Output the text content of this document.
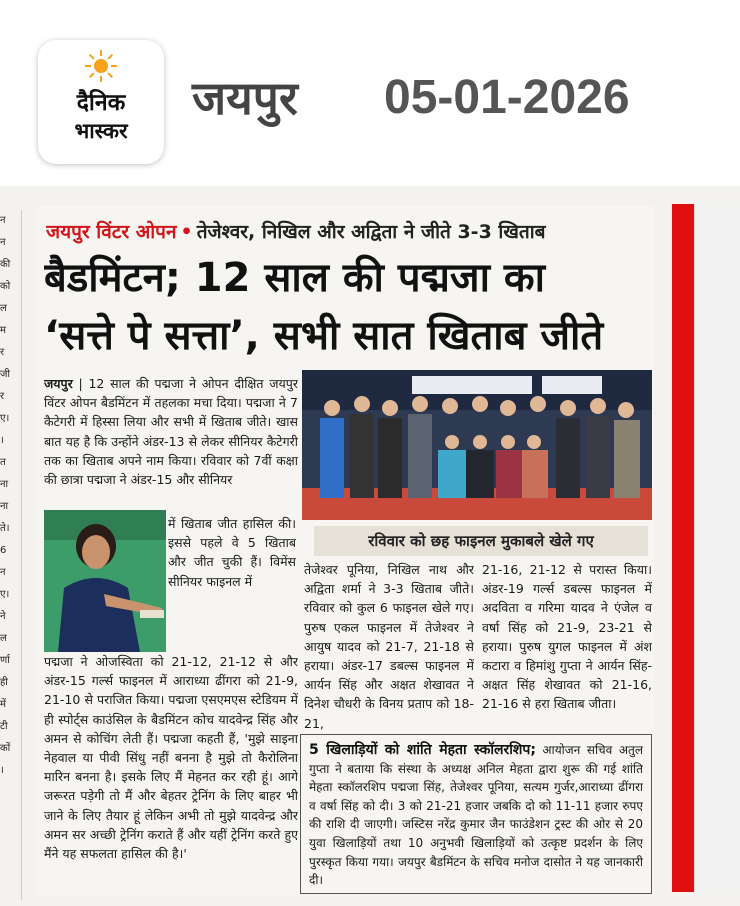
दैनिक
भास्कर
जयपुर 05-01-2026
न
न
की
को
ल
म
र
जी
र
ए।
।
त
ना
ना
ते।
6
न
ए।
ने
ल
र्णा
ही
में
टी
कों
।
जयपुर विंटर ओपन • तेजेश्वर, निखिल और अद्विता ने जीते 3-3 खिताब
बैडमिंटन; 12 साल की पद्मजा का
‘सत्ते पे सत्ता’, सभी सात खिताब जीते
जयपुर | 12 साल की पद्मजा ने ओपन दीक्षित जयपुर विंटर ओपन बैडमिंटन में तहलका मचा दिया। पद्मजा ने 7 कैटेगरी में हिस्सा लिया और सभी में खिताब जीते। खास बात यह है कि उन्होंने अंडर-13 से लेकर सीनियर कैटेगरी तक का खिताब अपने नाम किया। रविवार को 7वीं कक्षा की छात्रा पद्मजा ने अंडर-15 और सीनियर
में खिताब जीत हासिल की। इससे पहले वे 5 खिताब और जीत चुकी हैं। विमेंस सीनियर फाइनल में
पद्मजा ने ओजस्विता को 21-12, 21-12 से और अंडर-15 गर्ल्स फाइनल में आराध्या ढींगरा को 21-9, 21-10 से पराजित किया। पद्मजा एसएमएस स्टेडियम में ही स्पोर्ट्स काउंसिल के बैडमिंटन कोच यादवेन्द्र सिंह और अमन से कोचिंग लेती हैं। पद्मजा कहती हैं, 'मुझे साइना नेहवाल या पीवी सिंधु नहीं बनना है मुझे तो कैरोलिना मारिन बनना है। इसके लिए मैं मेहनत कर रही हूं। आगे जरूरत पड़ेगी तो मैं और बेहतर ट्रेनिंग के लिए बाहर भी जाने के लिए तैयार हूं लेकिन अभी तो मुझे यादवेन्द्र और अमन सर अच्छी ट्रेनिंग कराते हैं और यहीं ट्रेनिंग करते हुए मैंने यह सफलता हासिल की है।'
रविवार को छह फाइनल मुकाबले खेले गए
तेजेश्वर पूनिया, निखिल नाथ और अद्विता शर्मा ने 3-3 खिताब जीते। रविवार को कुल 6 फाइनल खेले गए। पुरुष एकल फाइनल में तेजेश्वर ने आयुष यादव को 21-7, 21-18 से हराया। अंडर-17 डबल्स फाइनल में आर्यन सिंह और अक्षत शेखावत ने दिनेश चौधरी के विनय प्रताप को 18-21,
21-16, 21-12 से परास्त किया। अंडर-19 गर्ल्स डबल्स फाइनल में अदविता व गरिमा यादव ने एंजेल व वर्षा सिंह को 21-9, 23-21 से हराया। पुरुष युगल फाइनल में अंश कटारा व हिमांशु गुप्ता ने आर्यन सिंह-अक्षत सिंह शेखावत को 21-16, 21-16 से हरा खिताब जीता।
5 खिलाड़ियों को शांति मेहता स्कॉलरशिप; आयोजन सचिव अतुल गुप्ता ने बताया कि संस्था के अध्यक्ष अनिल मेहता द्वारा शुरू की गई शांति मेहता स्कॉलरशिप पद्मजा सिंह, तेजेश्वर पूनिया, सत्यम गुर्जर,आराध्या ढींगरा व वर्षा सिंह को दी। 3 को 21-21 हजार जबकि दो को 11-11 हजार रुपए की राशि दी जाएगी। जस्टिस नरेंद्र कुमार जैन फाउंडेशन ट्रस्ट की ओर से 20 युवा खिलाड़ियों तथा 10 अनुभवी खिलाड़ियों को उत्कृष्ट प्रदर्शन के लिए पुरस्कृत किया गया। जयपुर बैडमिंटन के सचिव मनोज दासोत ने यह जानकारी दी।
